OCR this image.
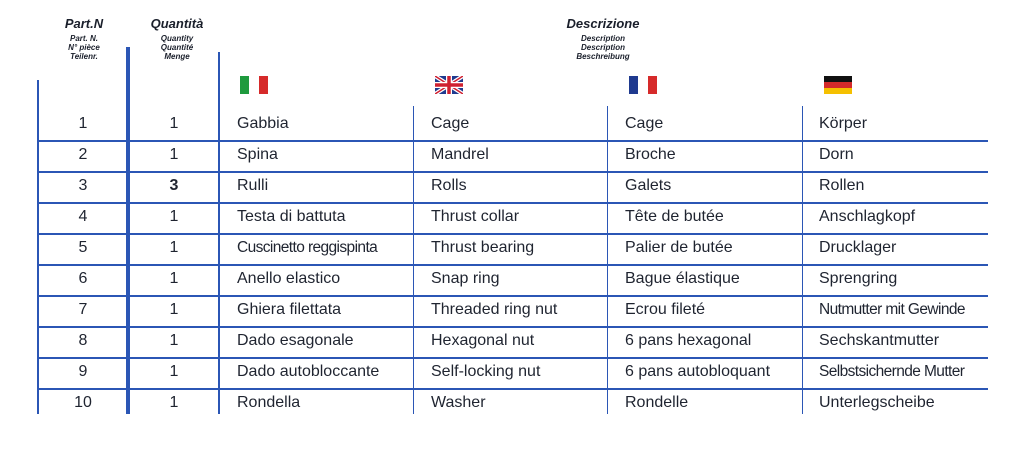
Part.N
Part. N.
N° pièce
Teilenr.
Quantità
Quantity
Quantité
Menge
Descrizione
Description
Description
Beschreibung
1	1	Gabbia	Cage	Cage	Körper
2	1	Spina	Mandrel	Broche	Dorn
3	3	Rulli	Rolls	Galets	Rollen
4	1	Testa di battuta	Thrust collar	Tête de butée	Anschlagkopf
5	1	Cuscinetto reggispinta	Thrust bearing	Palier de butée	Drucklager
6	1	Anello elastico	Snap ring	Bague élastique	Sprengring
7	1	Ghiera filettata	Threaded ring nut	Ecrou fileté	Nutmutter mit Gewinde
8	1	Dado esagonale	Hexagonal nut	6 pans hexagonal	Sechskantmutter
9	1	Dado autobloccante	Self-locking nut	6 pans autobloquant	Selbstsichernde Mutter
10	1	Rondella	Washer	Rondelle	Unterlegscheibe
